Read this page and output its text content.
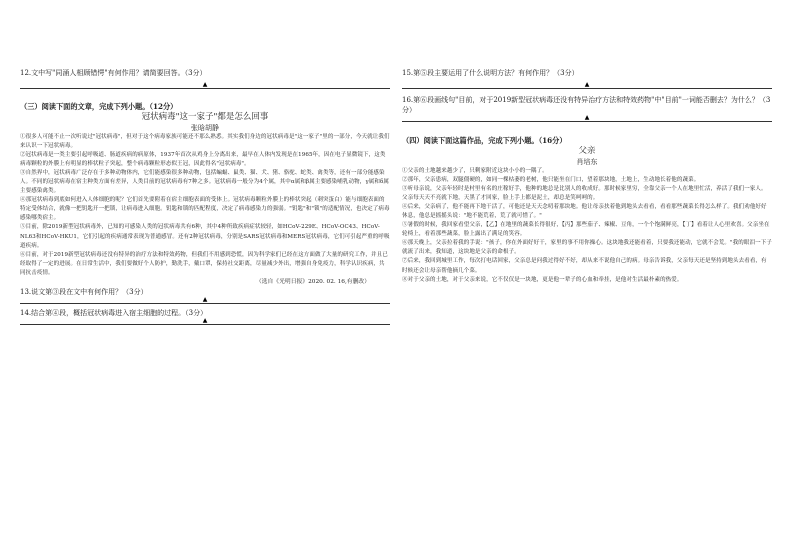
12.文中写"同涌人相顾错愕"有何作用？请简要回答。（3分）

▲

（三）阅读下面的文章，完成下列小题。（12分）

冠状病毒"这一家子"都是怎么回事

张晗胡静

①很多人可能不止一次听说过"冠状病毒"，但对于这个病毒家族可能还不那么熟悉。其实我们身边的冠状病毒是"这一家子"里的一部分，今天就让我们来认识一下冠状病毒。

②冠状病毒是一类主要引起呼吸道、肠道疾病的病原体，1937年首次从鸡身上分离出来，最早在人体内发现是在1965年，因在电子显微镜下，这类病毒颗粒的外膜上有明显的棒状粒子突起，整个病毒颗粒形态似王冠，因此得名"冠状病毒"。

③自然界中，冠状病毒广泛存在于多种动物体内，它们能感染很多种动物，包括蝙蝠、鼠类、猫、犬、猪、骆驼、蛇类、禽类等，还有一部分能感染人。不同的冠状病毒在宿主种类方面有差异，人类目前的冠状病毒有7种之多。冠状病毒一般分为4个属，其中α属和β属主要感染哺乳动物，γ属和δ属主要感染禽类。

④那冠状病毒到底如何进入人体细胞的呢？它们首先要附着在宿主细胞表面的受体上。冠状病毒颗粒外膜上的棒状突起（刺突蛋白）能与细胞表面的特定受体结合，就像一把钥匙开一把锁，让病毒进入细胞。钥匙和锁的匹配程度，决定了病毒感染力的强弱。"钥匙"和"锁"的适配情况，也决定了病毒感染哪类宿主。

⑤目前，除2019新型冠状病毒外，已知的可感染人类的冠状病毒共有6种，其中4种所致疾病症状较轻，如HCoV-229E、HCoV-OC43、HCoV-NL63和HCoV-HKU1，它们引起的疾病通常表现为普通感冒。还有2种冠状病毒，分别是SARS冠状病毒和MERS冠状病毒，它们可引起严重的呼吸道疾病。

⑥目前，对于2019新型冠状病毒还没有特异的治疗方法和特效药物，但我们不用感到恐慌，因为科学家们已经在这方面做了大量的研究工作，并且已经取得了一定的进展。在日常生活中，我们要做好个人防护，勤洗手，戴口罩，保持社交距离，尽量减少外出，增强自身免疫力，科学认识疾病，共同抗击疫情。

（选自《光明日报》2020. 02. 16,有删改）

13.说文第③段在文中有何作用？（3分）

▲

14.结合第④段，概括冠状病毒进入宿主细胞的过程。（3分）

▲

15.第⑤段主要运用了什么说明方法？有何作用？（3分）

▲

16.第⑥段画线句"目前，对于2019新型冠状病毒还没有特异治疗方法和特效药物"中"目前"一词能否删去？为什么？（3分）

▲

（四）阅读下面这篇作品，完成下列小题。（16分）

父亲

肖培东

①父亲的土地越来越少了，只剩家附近这块小小的一隅了。

②那年，父亲患病，双腿僵硬的，如同一棵枯萎的老树，他只能坐在门口，望着那块地，土地上，生动地长着他的蔬菜。

③听母亲说，父亲年轻时是村里有名的庄稼好手，他种的地总是比别人的收成好。那时候家里穷，全靠父亲一个人在地里忙活，养活了我们一家人。父亲每天天不亮就下地，天黑了才回家，脸上手上都是泥土，却总是笑呵呵的。

④后来，父亲病了，他不能再下地干活了，可他还是天天念叨着那块地。他让母亲扶着他到地头去看看，看看那些蔬菜长得怎么样了。我们劝他好好休息，他总是摇摇头说："地不能荒着，荒了就可惜了。"

⑤暑假的时候，我回家看望父亲，【乙】在地里的蔬菜长得很好，【丙】那些茄子、辣椒、豆角，一个个饱满鲜亮，【丁】看着让人心里欢喜。父亲坐在轮椅上，看着那些蔬菜，脸上露出了满足的笑容。

⑥那天晚上，父亲拉着我的手说："孩子，你在外面好好干，家里的事不用你操心。这块地我还能看着，只要我还能动，它就不会荒。"我的眼泪一下子就流了出来，我知道，这块地是父亲的命根子。

⑦后来，我回到城里工作，每次打电话回家，父亲总是问我过得好不好，却从来不说他自己的病。母亲告诉我，父亲每天还是坚持到地头去看看，有时候还会让母亲帮他摘几个菜。

⑧对于父亲的土地，对于父亲来说，它不仅仅是一块地，更是他一辈子的心血和牵挂，是他对生活最朴素的热爱。
